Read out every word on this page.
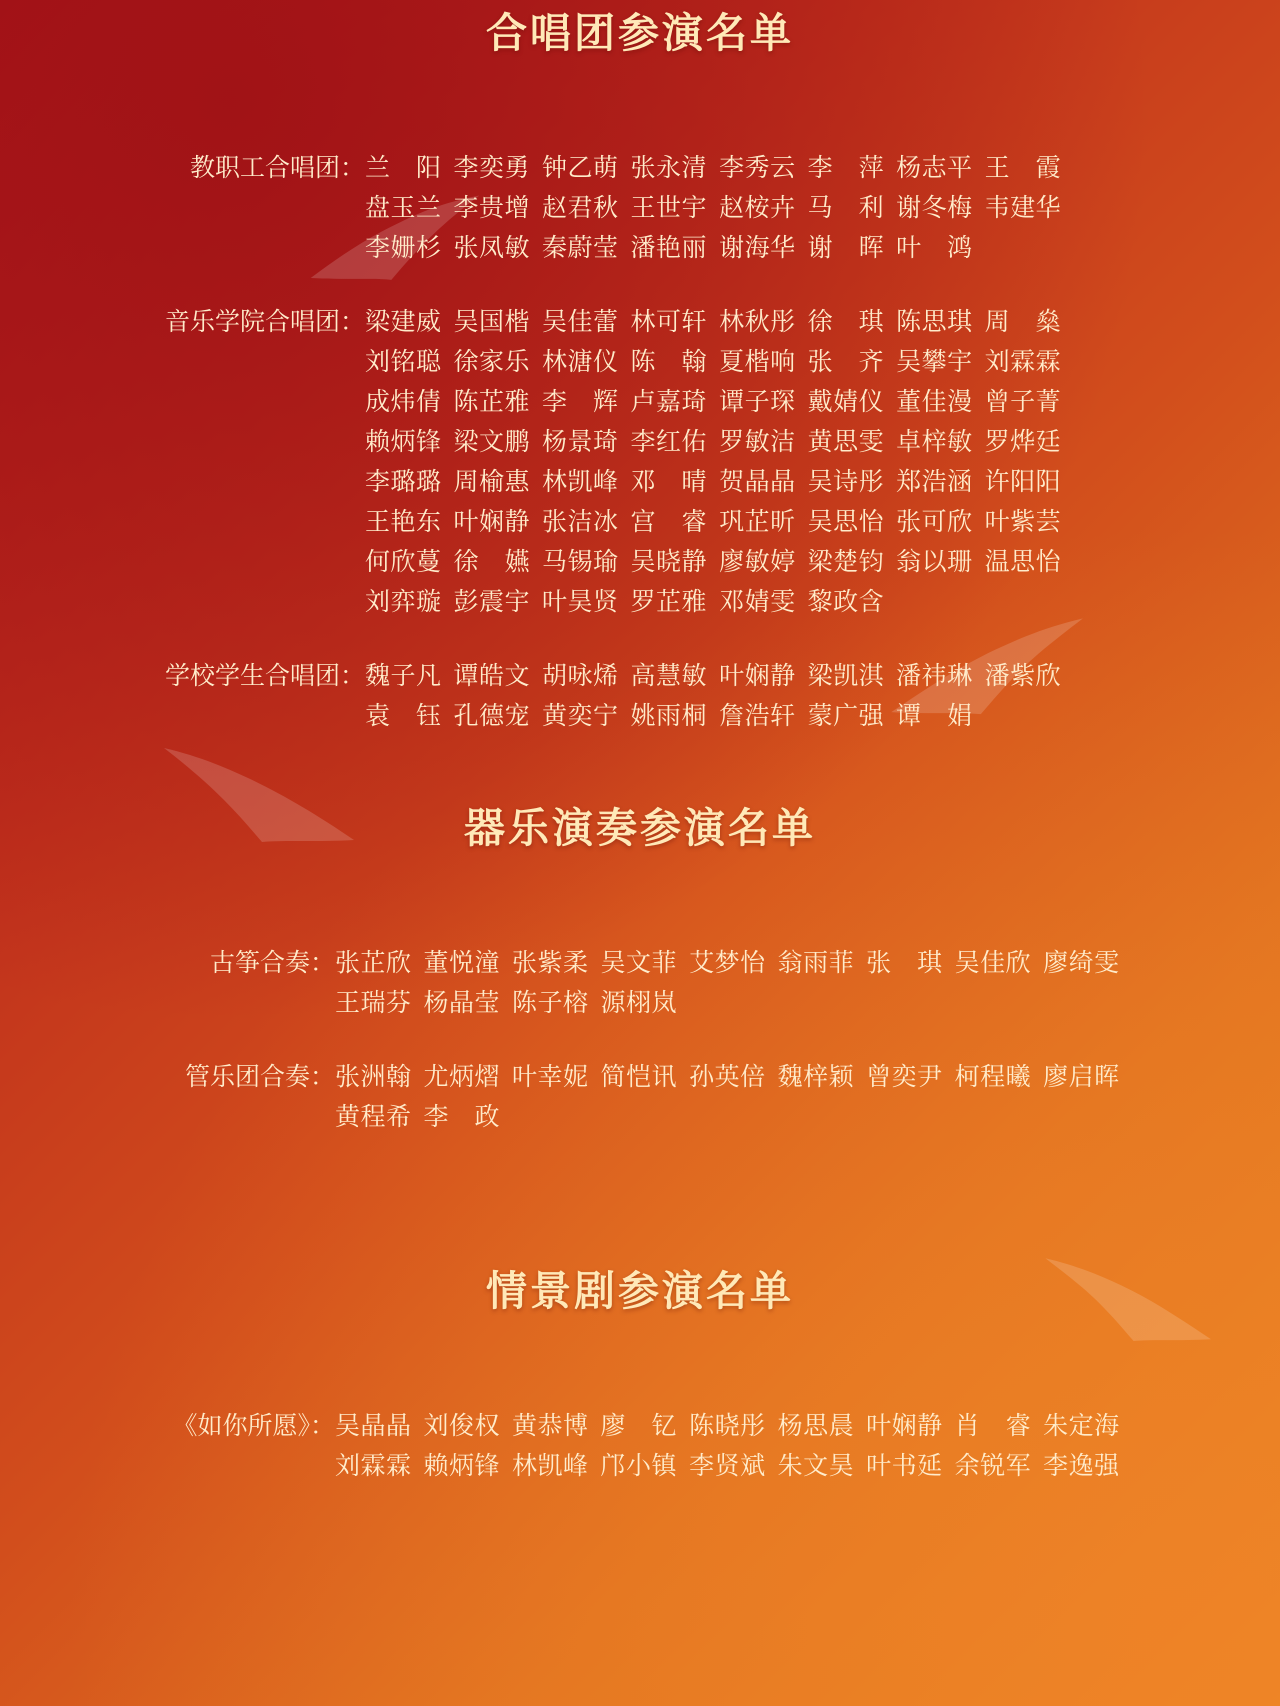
合唱团参演名单
教职工合唱团： 兰　阳 李奕勇 钟乙萌 张永清 李秀云 李　萍 杨志平 王　霞盘玉兰 李贵增 赵君秋 王世宇 赵桉卉 马　利 谢冬梅 韦建华李姗杉 张凤敏 秦蔚莹 潘艳丽 谢海华 谢　晖 叶　鸿
音乐学院合唱团： 梁建威 吴国楷 吴佳蕾 林可轩 林秋彤 徐　琪 陈思琪 周　燊刘铭聪 徐家乐 林溏仪 陈　翰 夏楷响 张　齐 吴攀宇 刘霖霖成炜倩 陈芷雅 李　辉 卢嘉琦 谭子琛 戴婧仪 董佳漫 曾子菁赖炳锋 梁文鹏 杨景琦 李红佑 罗敏洁 黄思雯 卓梓敏 罗烨廷李璐璐 周榆惠 林凯峰 邓　晴 贺晶晶 吴诗彤 郑浩涵 许阳阳王艳东 叶娴静 张洁冰 宫　睿 巩芷昕 吴思怡 张可欣 叶紫芸何欣蔓 徐　嬿 马锡瑜 吴晓静 廖敏婷 梁楚钧 翁以珊 温思怡刘弈璇 彭震宇 叶昊贤 罗芷雅 邓婧雯 黎政含
学校学生合唱团： 魏子凡 谭皓文 胡咏烯 高慧敏 叶娴静 梁凯淇 潘祎琳 潘紫欣袁　钰 孔德宠 黄奕宁 姚雨桐 詹浩轩 蒙广强 谭　娟
器乐演奏参演名单
古筝合奏： 张芷欣 董悦潼 张紫柔 吴文菲 艾梦怡 翁雨菲 张　琪 吴佳欣 廖绮雯王瑞芬 杨晶莹 陈子榕 源栩岚
管乐团合奏： 张洲翰 尤炳熠 叶幸妮 简恺讯 孙英倍 魏梓颖 曾奕尹 柯程曦 廖启晖黄程希 李　政
情景剧参演名单
《如你所愿》： 吴晶晶 刘俊权 黄恭博 廖　钇 陈晓彤 杨思晨 叶娴静 肖　睿 朱定海刘霖霖 赖炳锋 林凯峰 邝小镇 李贤斌 朱文昊 叶书延 余锐军 李逸强
